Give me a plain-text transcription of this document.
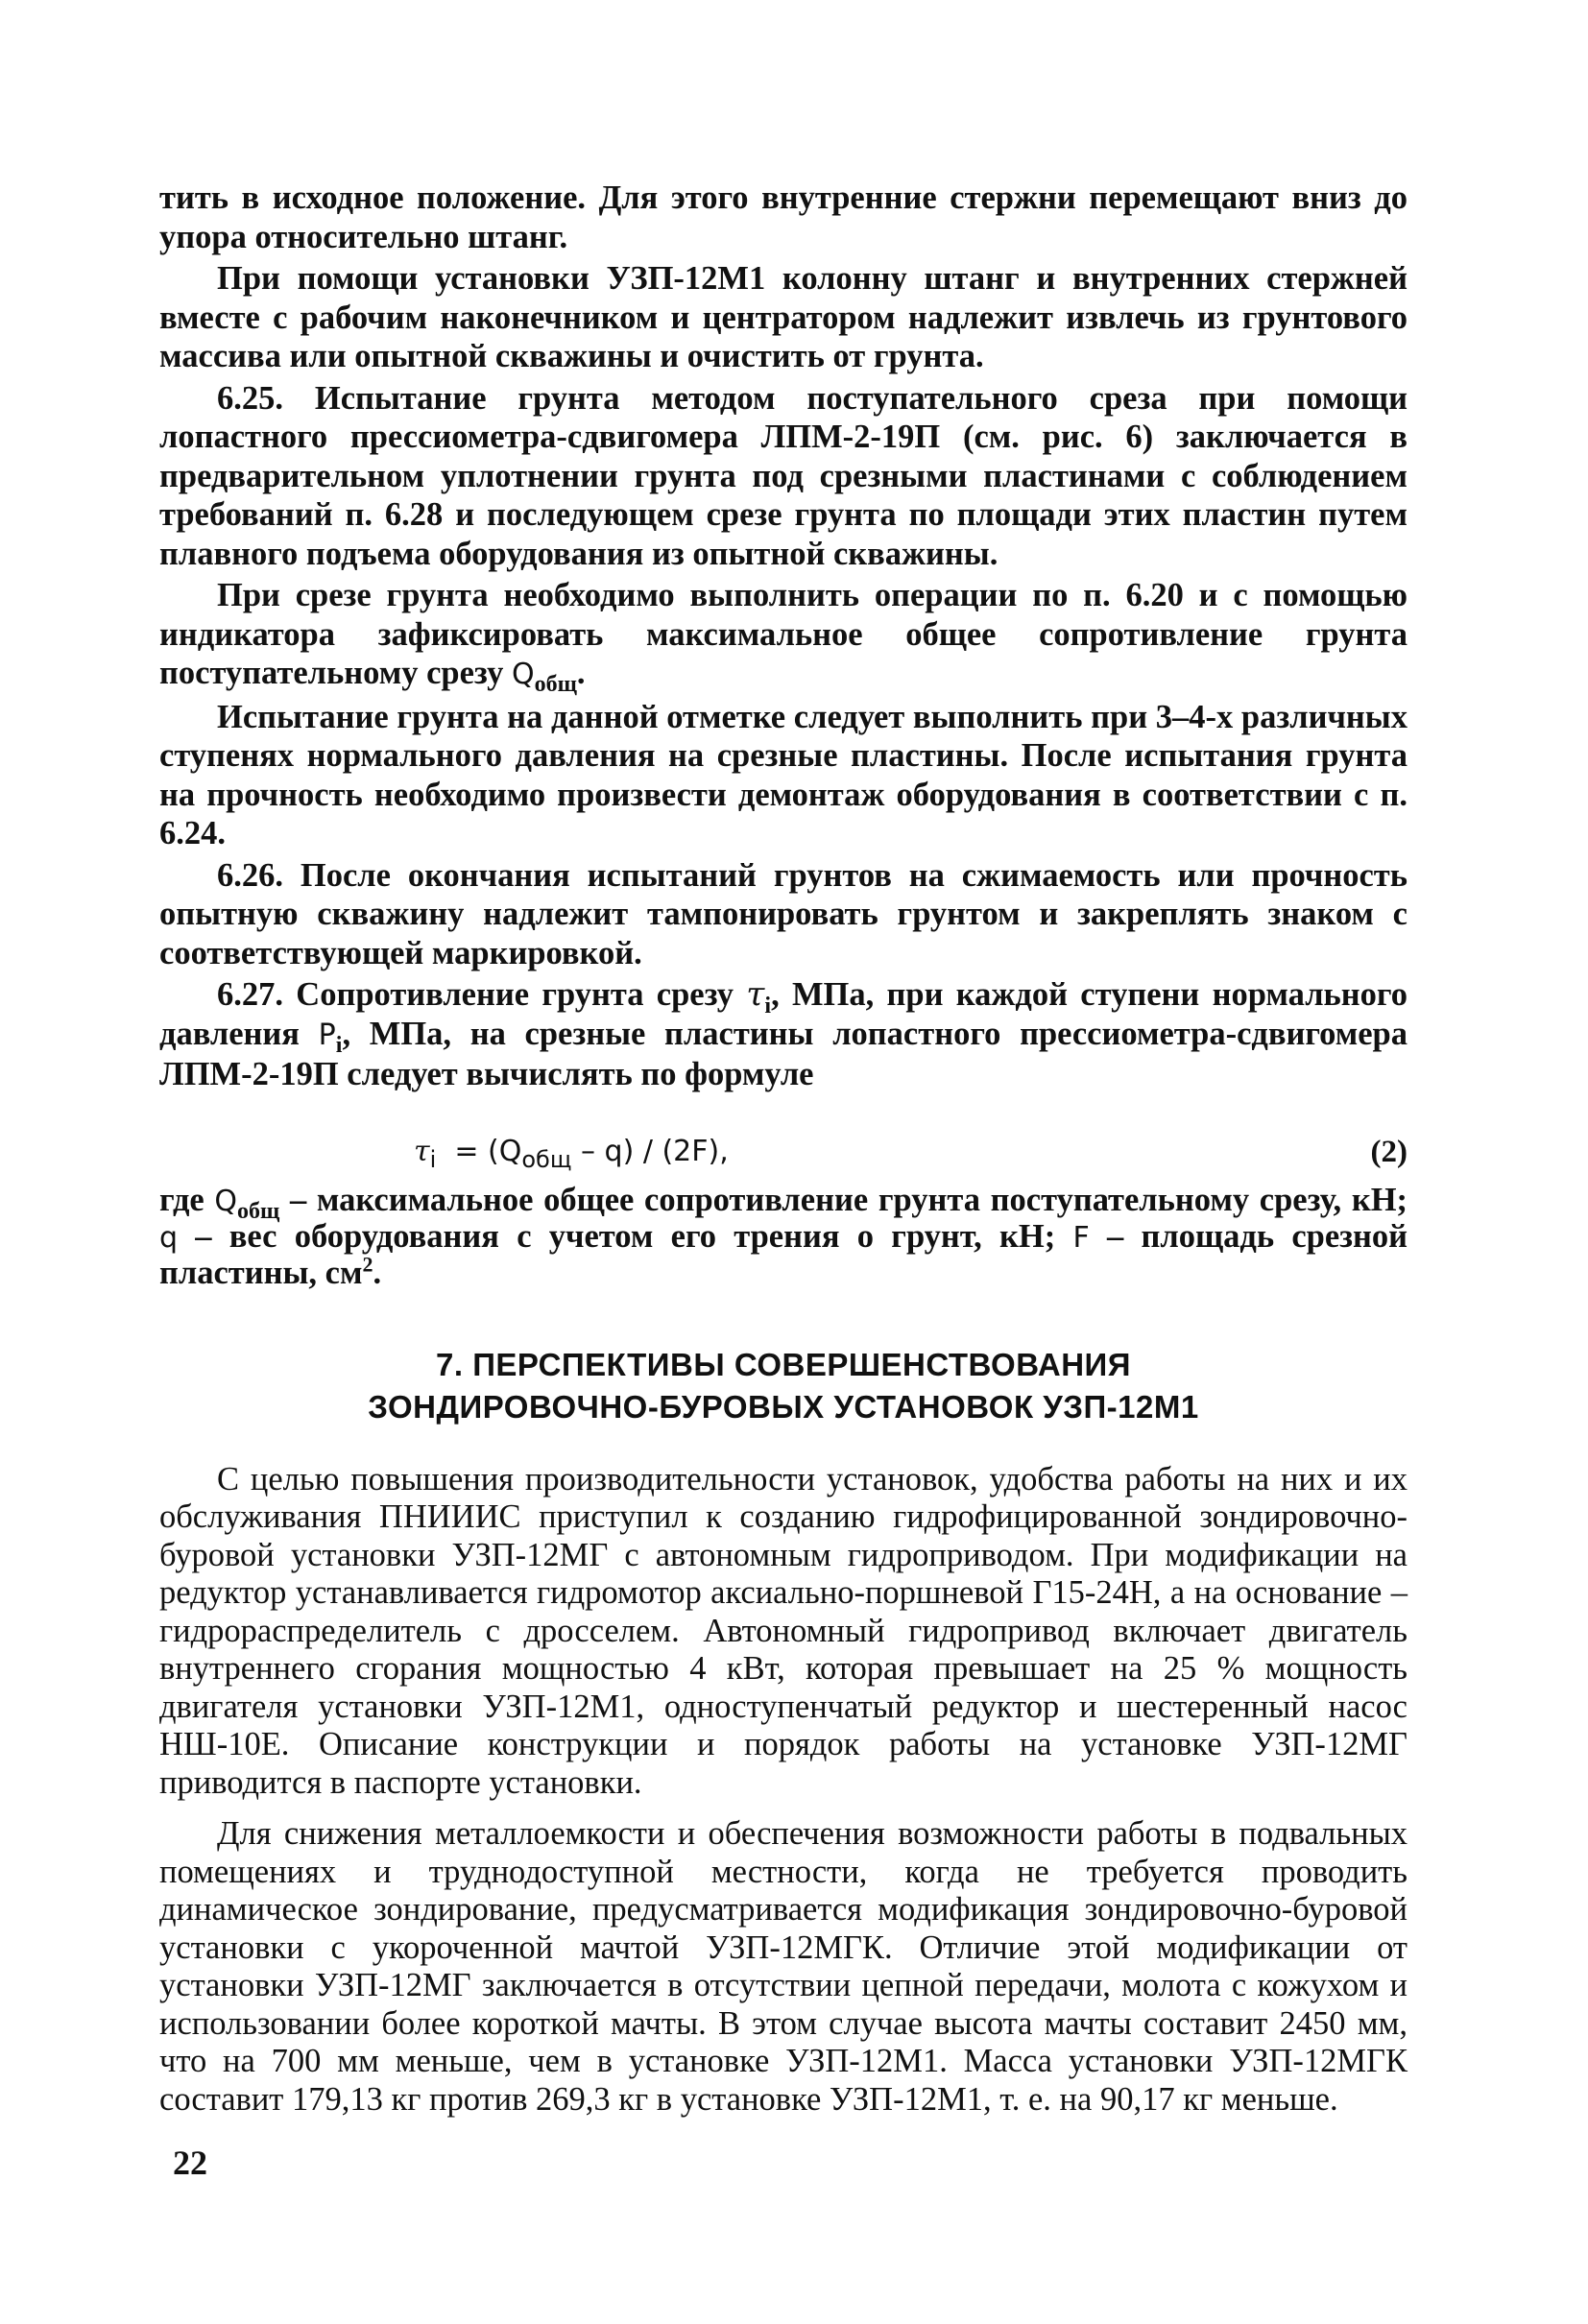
тить в исходное положение. Для этого внутренние стержни перемещают вниз до упора относительно штанг.

При помощи установки УЗП-12М1 колонну штанг и внутренних стержней вместе с рабочим наконечником и центратором надлежит извлечь из грунтового массива или опытной скважины и очистить от грунта.

6.25. Испытание грунта методом поступательного среза при помощи лопастного прессиометра-сдвигомера ЛПМ-2-19П (см. рис. 6) заключается в предварительном уплотнении грунта под срезными пластинами с соблюдением требований п. 6.28 и последующем срезе грунта по площади этих пластин путем плавного подъема оборудования из опытной скважины.

При срезе грунта необходимо выполнить операции по п. 6.20 и с помощью индикатора зафиксировать максимальное общее сопротивление грунта поступательному срезу $Q_{общ}$.

Испытание грунта на данной отметке следует выполнить при 3–4-х различных ступенях нормального давления на срезные пластины. После испытания грунта на прочность необходимо произвести демонтаж оборудования в соответствии с п. 6.24.

6.26. После окончания испытаний грунтов на сжимаемость или прочность опытную скважину надлежит тампонировать грунтом и закреплять знаком с соответствующей маркировкой.

6.27. Сопротивление грунта срезу $\tau_i$, МПа, при каждой ступени нормального давления $P_i$, МПа, на срезные пластины лопастного прессиометра-сдвигомера ЛПМ-2-19П следует вычислять по формуле

$\tau_i = (Q_{общ} - q) / (2F)$,	(2)

где $Q_{общ}$ – максимальное общее сопротивление грунта поступательному срезу, кН; q – вес оборудования с учетом его трения о грунт, кН; F – площадь срезной пластины, $см^2$.

7. ПЕРСПЕКТИВЫ СОВЕРШЕНСТВОВАНИЯ
ЗОНДИРОВОЧНО-БУРОВЫХ УСТАНОВОК УЗП-12М1

С целью повышения производительности установок, удобства работы на них и их обслуживания ПНИИИС приступил к созданию гидрофицированной зондировочно-буровой установки УЗП-12МГ с автономным гидроприводом. При модификации на редуктор устанавливается гидромотор аксиально-поршневой Г15-24Н, а на основание – гидрораспределитель с дросселем. Автономный гидропривод включает двигатель внутреннего сгорания мощностью 4 кВт, которая превышает на 25 % мощность двигателя установки УЗП-12М1, одноступенчатый редуктор и шестеренный насос НШ-10Е. Описание конструкции и порядок работы на установке УЗП-12МГ приводится в паспорте установки.

Для снижения металлоемкости и обеспечения возможности работы в подвальных помещениях и труднодоступной местности, когда не требуется проводить динамическое зондирование, предусматривается модификация зондировочно-буровой установки с укороченной мачтой УЗП-12МГК. Отличие этой модификации от установки УЗП-12МГ заключается в отсутствии цепной передачи, молота с кожухом и использовании более короткой мачты. В этом случае высота мачты составит 2450 мм, что на 700 мм меньше, чем в установке УЗП-12М1. Масса установки УЗП-12МГК составит 179,13 кг против 269,3 кг в установке УЗП-12М1, т. е. на 90,17 кг меньше.

22
